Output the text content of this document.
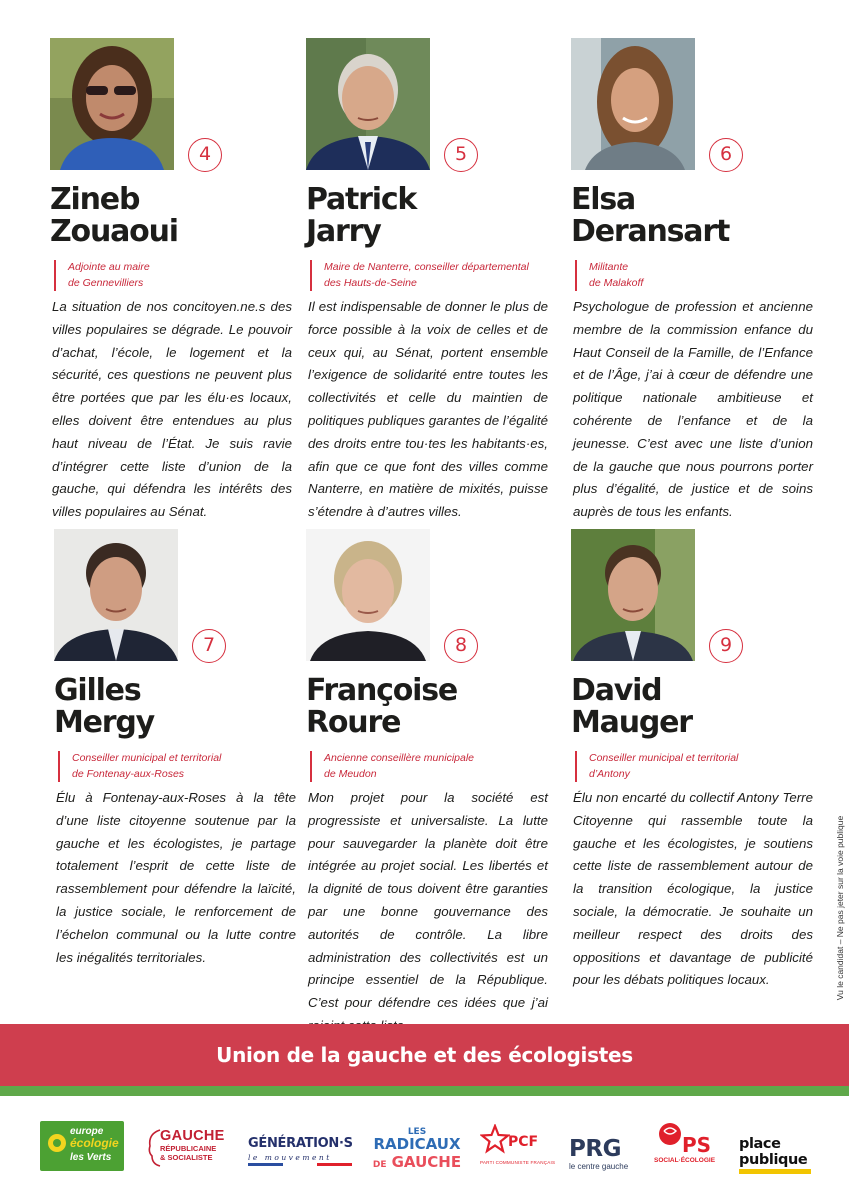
4
Zineb
Zouaoui
Adjointe au maire
de Gennevilliers
La situation de nos concitoyen.ne.s des villes populaires se dégrade. Le pouvoir d’achat, l’école, le logement et la sécurité, ces questions ne peuvent plus être portées que par les élu·es locaux, elles doivent être entendues au plus haut niveau de l’État. Je suis ravie d’intégrer cette liste d’union de la gauche, qui défendra les intérêts des villes populaires au Sénat.
5
Patrick
Jarry
Maire de Nanterre, conseiller départemental
des Hauts-de-Seine
Il est indispensable de donner le plus de force possible à la voix de celles et de ceux qui, au Sénat, portent ensemble l’exigence de solidarité entre toutes les collectivités et celle du maintien de politiques publiques garantes de l’égalité des droits entre tou·tes les habitants·es, afin que ce que font des villes comme Nanterre, en matière de mixités, puisse s’étendre à d’autres villes.
6
Elsa
Deransart
Militante
de Malakoff
Psychologue de profession et ancienne membre de la commission enfance du Haut Conseil de la Famille, de l’Enfance et de l’Âge, j’ai à cœur de défendre une politique nationale ambitieuse et cohérente de l’enfance et de la jeunesse. C’est avec une liste d’union de la gauche que nous pourrons porter plus d’égalité, de justice et de soins auprès de tous les enfants.
7
Gilles
Mergy
Conseiller municipal et territorial
de Fontenay-aux-Roses
Élu à Fontenay-aux-Roses à la tête d’une liste citoyenne soutenue par la gauche et les écologistes, je partage totalement l’esprit de cette liste de rassemblement pour défendre la laïcité, la justice sociale, le renforcement de l’échelon communal ou la lutte contre les inégalités territoriales.
8
Françoise
Roure
Ancienne conseillère municipale
de Meudon
Mon projet pour la société est progressiste et universaliste. La lutte pour sauvegarder la planète doit être intégrée au projet social. Les libertés et la dignité de tous doivent être garanties par une bonne gouvernance des autorités de contrôle. La libre administration des collectivités est un principe essentiel de la République. C’est pour défendre ces idées que j’ai
9
David
Mauger
Conseiller municipal et territorial
d’Antony
Élu non encarté du collectif Antony Terre Citoyenne qui rassemble toute la gauche et les écologistes, je soutiens cette liste de rassemblement autour de la transition écologique, la justice sociale, la démocratie. Je souhaite un meilleur respect des droits des oppositions et davantage de publicité pour les débats politiques locaux.	Vu le candidat – Ne pas jeter sur la voie publique
Union de la gauche et des écologistes
europe
écologie
les Verts
GAUCHE
RÉPUBLICAINE
& SOCIALISTE
GÉNÉRATION·S
le mouvement
LES
RADICAUX
DE GAUCHE
PCF
PARTI COMMUNISTE FRANÇAIS
PRG
le centre gauche
PS
SOCIAL·ÉCOLOGIE
place
publique
